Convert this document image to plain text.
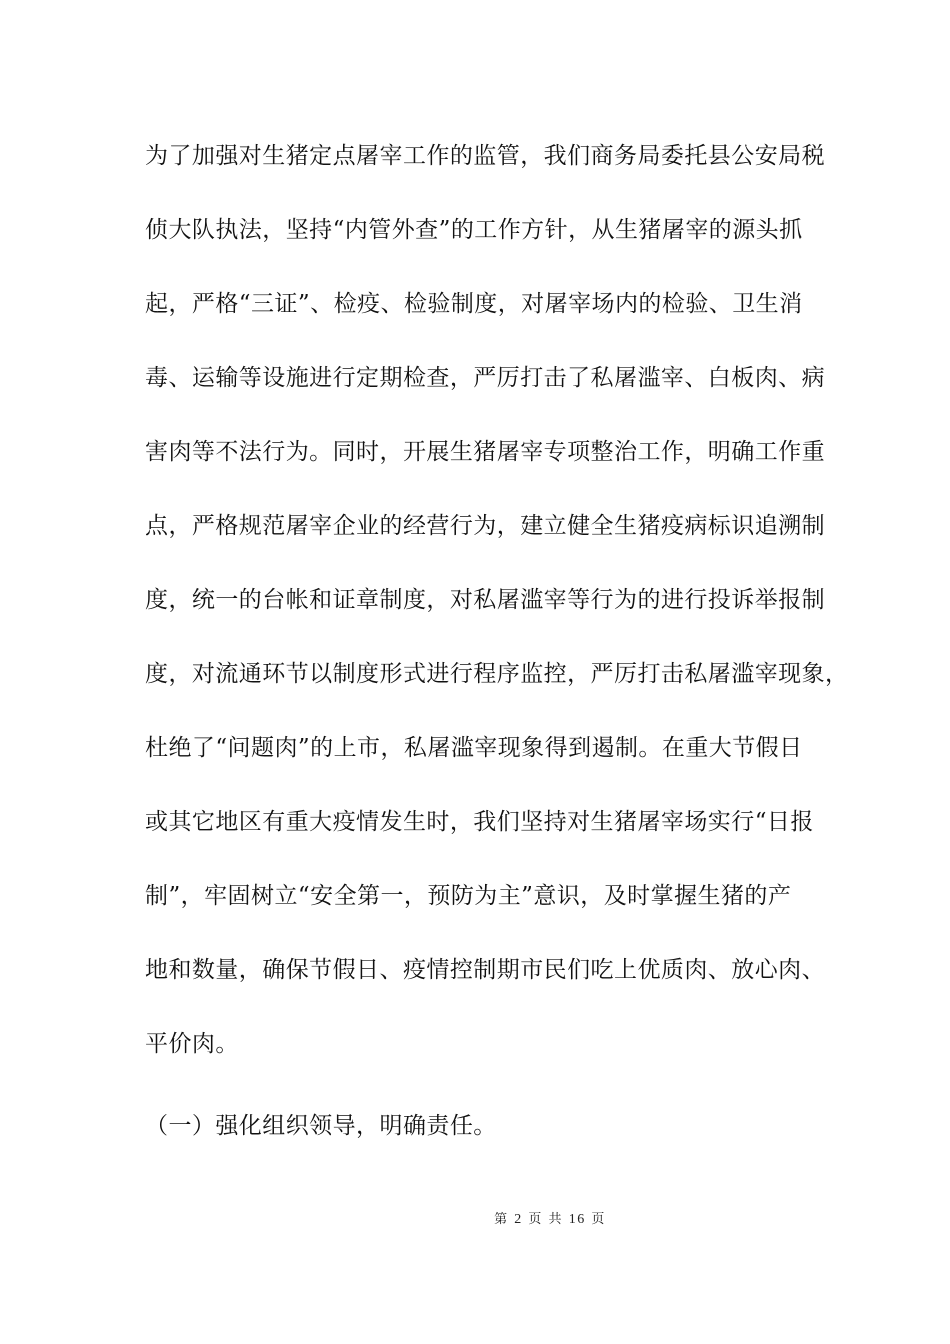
为了加强对生猪定点屠宰工作的监管，我们商务局委托县公安局税
侦大队执法，坚持“内管外查”的工作方针，从生猪屠宰的源头抓
起，严格“三证”、检疫、检验制度，对屠宰场内的检验、卫生消
毒、运输等设施进行定期检查，严厉打击了私屠滥宰、白板肉、病
害肉等不法行为。同时，开展生猪屠宰专项整治工作，明确工作重
点，严格规范屠宰企业的经营行为，建立健全生猪疫病标识追溯制
度，统一的台帐和证章制度，对私屠滥宰等行为的进行投诉举报制
度，对流通环节以制度形式进行程序监控，严厉打击私屠滥宰现象，
杜绝了“问题肉”的上市，私屠滥宰现象得到遏制。在重大节假日
或其它地区有重大疫情发生时，我们坚持对生猪屠宰场实行“日报
制”，牢固树立“安全第一，预防为主”意识，及时掌握生猪的产
地和数量，确保节假日、疫情控制期市民们吃上优质肉、放心肉、
平价肉。
（一）强化组织领导，明确责任。
第 2 页 共 16 页
